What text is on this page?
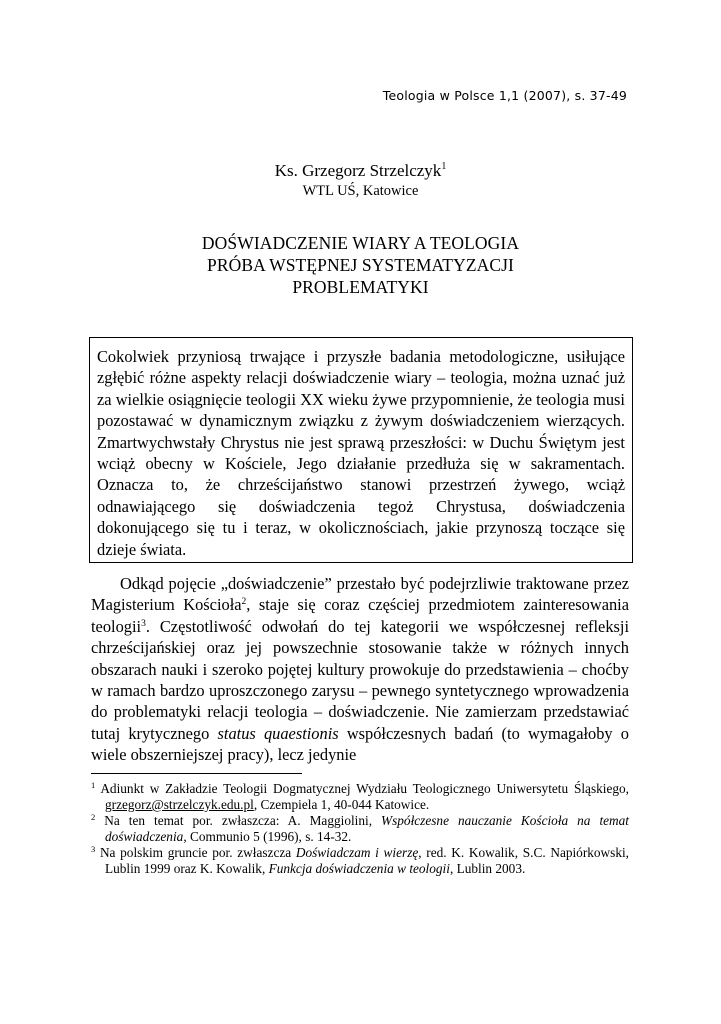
Teologia w Polsce 1,1 (2007), s. 37-49
Ks. Grzegorz Strzelczyk$^1$
WTL UŚ, Katowice
DOŚWIADCZENIE WIARY A TEOLOGIA
PRÓBA WSTĘPNEJ SYSTEMATYZACJI
PROBLEMATYKI
Cokolwiek przyniosą trwające i przyszłe badania metodologiczne, usiłujące zgłębić różne aspekty relacji doświadczenie wiary – teologia, można uznać już za wielkie osiągnięcie teologii XX wieku żywe przypomnienie, że teologia musi pozostawać w dynamicznym związku z żywym doświadczeniem wierzących. Zmartwychwstały Chrystus nie jest sprawą przeszłości: w Duchu Świętym jest wciąż obecny w Kościele, Jego działanie przedłuża się w sakramentach. Oznacza to, że chrześcijaństwo stanowi przestrzeń żywego, wciąż odnawiającego się doświadczenia tegoż Chrystusa, doświadczenia dokonującego się tu i teraz, w okolicznościach, jakie przynoszą toczące się dzieje świata.

Odkąd pojęcie „doświadczenie” przestało być podejrzliwie traktowane przez Magisterium Kościoła$^2$, staje się coraz częściej przedmiotem zainteresowania teologii$^3$. Częstotliwość odwołań do tej kategorii we współczesnej refleksji chrześcijańskiej oraz jej powszechnie stosowanie także w różnych innych obszarach nauki i szeroko pojętej kultury prowokuje do przedstawienia – choćby w ramach bardzo uproszczonego zarysu – pewnego syntetycznego wprowadzenia do problematyki relacji teologia – doświadczenie. Nie zamierzam przedstawiać tutaj krytycznego status quaestionis współczesnych badań (to wymagałoby o wiele obszerniejszej pracy), lecz jedynie

$^1$ Adiunkt w Zakładzie Teologii Dogmatycznej Wydziału Teologicznego Uniwersytetu Śląskiego, grzegorz@strzelczyk.edu.pl, Czempiela 1, 40-044 Katowice.

$^2$ Na ten temat por. zwłaszcza: A. Maggiolini, Współczesne nauczanie Kościoła na temat doświadczenia, Communio 5 (1996), s. 14-32.

$^3$ Na polskim gruncie por. zwłaszcza Doświadczam i wierzę, red. K. Kowalik, S.C. Napiórkowski, Lublin 1999 oraz K. Kowalik, Funkcja doświadczenia w teologii, Lublin 2003.
